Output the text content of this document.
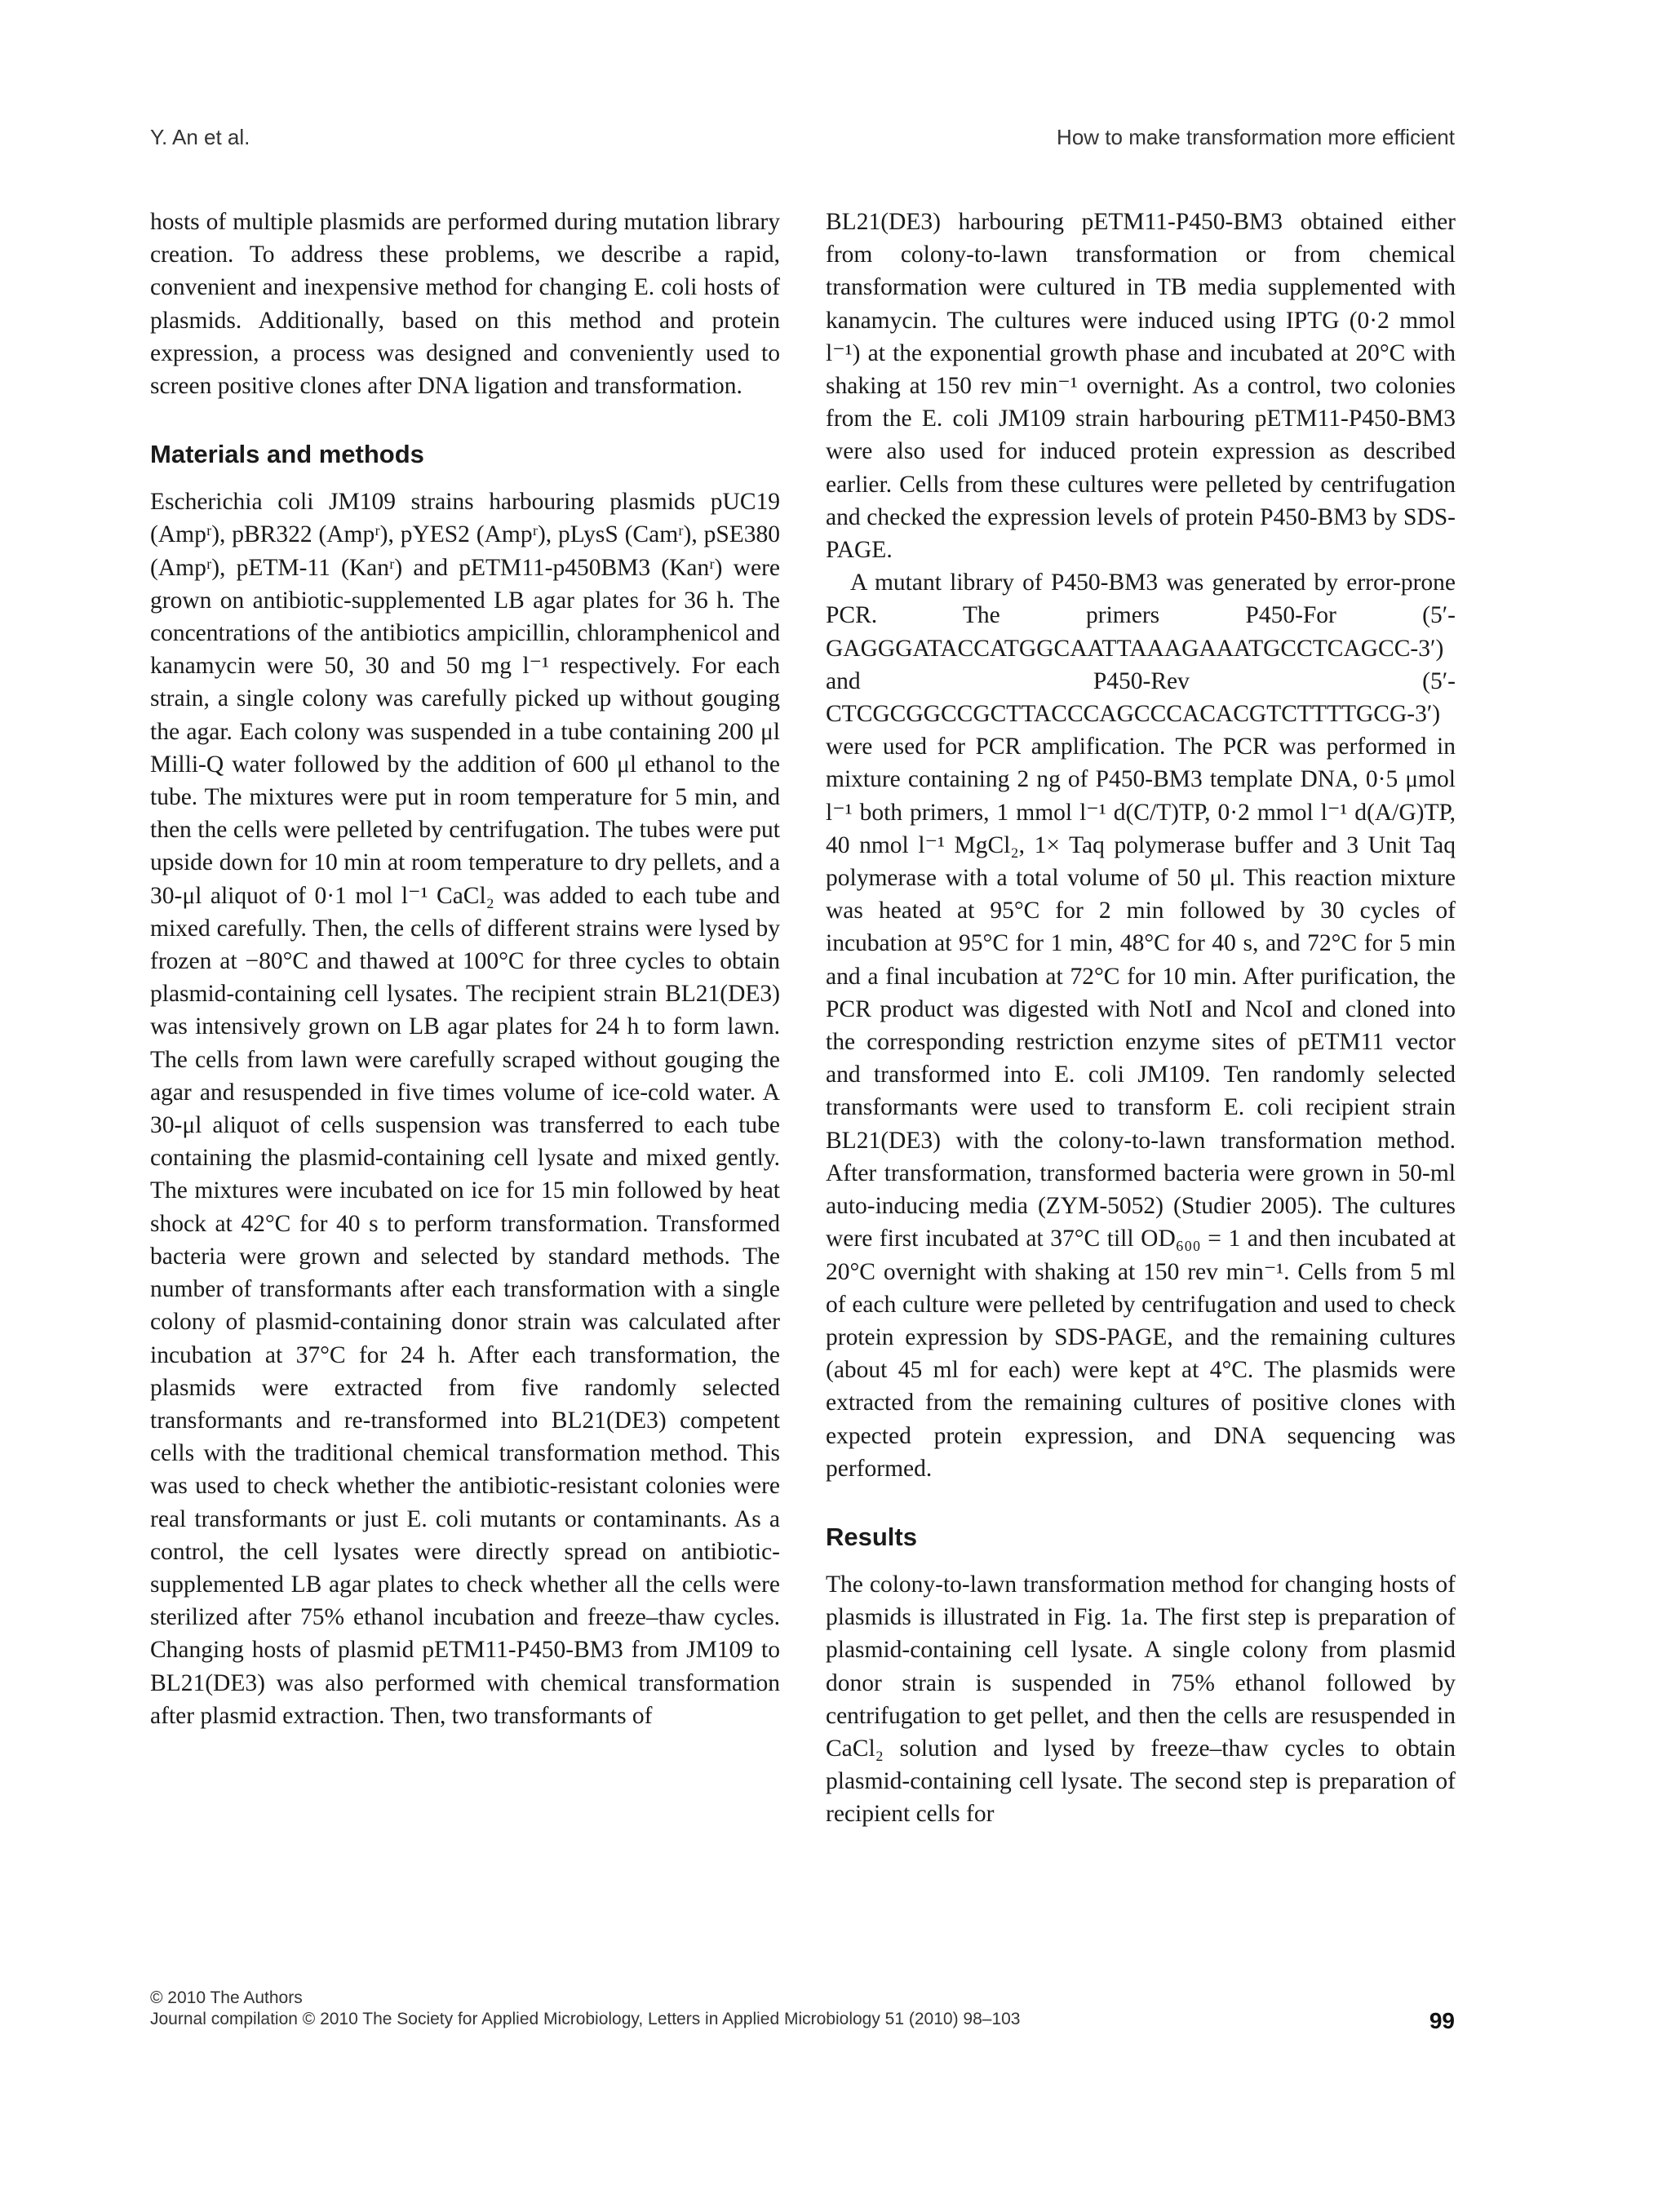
Y. An et al.	How to make transformation more efficient

hosts of multiple plasmids are performed during mutation library creation. To address these problems, we describe a rapid, convenient and inexpensive method for changing E. coli hosts of plasmids. Additionally, based on this method and protein expression, a process was designed and conveniently used to screen positive clones after DNA ligation and transformation.

Materials and methods

Escherichia coli JM109 strains harbouring plasmids pUC19 (Ampʳ), pBR322 (Ampʳ), pYES2 (Ampʳ), pLysS (Camʳ), pSE380 (Ampʳ), pETM-11 (Kanʳ) and pETM11-p450BM3 (Kanʳ) were grown on antibiotic-supplemented LB agar plates for 36 h. The concentrations of the antibiotics ampicillin, chloramphenicol and kanamycin were 50, 30 and 50 mg l⁻¹ respectively. For each strain, a single colony was carefully picked up without gouging the agar. Each colony was suspended in a tube containing 200 μl Milli-Q water followed by the addition of 600 μl ethanol to the tube. The mixtures were put in room temperature for 5 min, and then the cells were pelleted by centrifugation. The tubes were put upside down for 10 min at room temperature to dry pellets, and a 30-μl aliquot of 0·1 mol l⁻¹ CaCl₂ was added to each tube and mixed carefully. Then, the cells of different strains were lysed by frozen at −80°C and thawed at 100°C for three cycles to obtain plasmid-containing cell lysates. The recipient strain BL21(DE3) was intensively grown on LB agar plates for 24 h to form lawn. The cells from lawn were carefully scraped without gouging the agar and resuspended in five times volume of ice-cold water. A 30-μl aliquot of cells suspension was transferred to each tube containing the plasmid-containing cell lysate and mixed gently. The mixtures were incubated on ice for 15 min followed by heat shock at 42°C for 40 s to perform transformation. Transformed bacteria were grown and selected by standard methods. The number of transformants after each transformation with a single colony of plasmid-containing donor strain was calculated after incubation at 37°C for 24 h. After each transformation, the plasmids were extracted from five randomly selected transformants and re-transformed into BL21(DE3) competent cells with the traditional chemical transformation method. This was used to check whether the antibiotic-resistant colonies were real transformants or just E. coli mutants or contaminants. As a control, the cell lysates were directly spread on antibiotic-supplemented LB agar plates to check whether all the cells were sterilized after 75% ethanol incubation and freeze–thaw cycles. Changing hosts of plasmid pETM11-P450-BM3 from JM109 to BL21(DE3) was also performed with chemical transformation after plasmid extraction. Then, two transformants of

BL21(DE3) harbouring pETM11-P450-BM3 obtained either from colony-to-lawn transformation or from chemical transformation were cultured in TB media supplemented with kanamycin. The cultures were induced using IPTG (0·2 mmol l⁻¹) at the exponential growth phase and incubated at 20°C with shaking at 150 rev min⁻¹ overnight. As a control, two colonies from the E. coli JM109 strain harbouring pETM11-P450-BM3 were also used for induced protein expression as described earlier. Cells from these cultures were pelleted by centrifugation and checked the expression levels of protein P450-BM3 by SDS-PAGE.

A mutant library of P450-BM3 was generated by error-prone PCR. The primers P450-For (5′-GAGGGATACCATGGCAATTAAAGAAATGCCTCAGCC-3′) and P450-Rev (5′-CTCGCGGCCGCTTACCCAGCCCACACGTCTTTTGCG-3′) were used for PCR amplification. The PCR was performed in mixture containing 2 ng of P450-BM3 template DNA, 0·5 μmol l⁻¹ both primers, 1 mmol l⁻¹ d(C/T)TP, 0·2 mmol l⁻¹ d(A/G)TP, 40 nmol l⁻¹ MgCl₂, 1× Taq polymerase buffer and 3 Unit Taq polymerase with a total volume of 50 μl. This reaction mixture was heated at 95°C for 2 min followed by 30 cycles of incubation at 95°C for 1 min, 48°C for 40 s, and 72°C for 5 min and a final incubation at 72°C for 10 min. After purification, the PCR product was digested with NotI and NcoI and cloned into the corresponding restriction enzyme sites of pETM11 vector and transformed into E. coli JM109. Ten randomly selected transformants were used to transform E. coli recipient strain BL21(DE3) with the colony-to-lawn transformation method. After transformation, transformed bacteria were grown in 50-ml auto-inducing media (ZYM-5052) (Studier 2005). The cultures were first incubated at 37°C till OD₆₀₀ = 1 and then incubated at 20°C overnight with shaking at 150 rev min⁻¹. Cells from 5 ml of each culture were pelleted by centrifugation and used to check protein expression by SDS-PAGE, and the remaining cultures (about 45 ml for each) were kept at 4°C. The plasmids were extracted from the remaining cultures of positive clones with expected protein expression, and DNA sequencing was performed.

Results

The colony-to-lawn transformation method for changing hosts of plasmids is illustrated in Fig. 1a. The first step is preparation of plasmid-containing cell lysate. A single colony from plasmid donor strain is suspended in 75% ethanol followed by centrifugation to get pellet, and then the cells are resuspended in CaCl₂ solution and lysed by freeze–thaw cycles to obtain plasmid-containing cell lysate. The second step is preparation of recipient cells for

© 2010 The Authors
Journal compilation © 2010 The Society for Applied Microbiology, Letters in Applied Microbiology 51 (2010) 98–103	99
